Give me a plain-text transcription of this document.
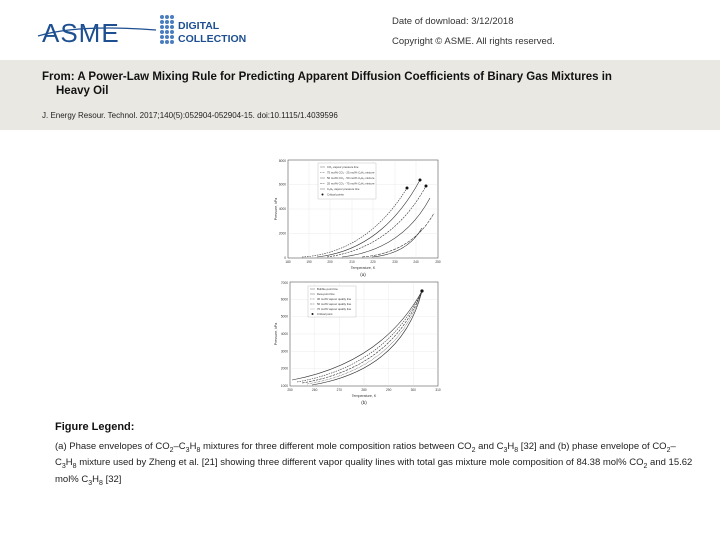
ASME	DIGITAL
COLLECTION
Date of download: 3/12/2018
Copyright © ASME. All rights reserved.
From: A Power-Law Mixing Rule for Predicting Apparent Diffusion Coefficients of Binary Gas Mixtures in
Heavy Oil
J. Energy Resour. Technol. 2017;140(5):052904-052904-15. doi:10.1115/1.4039596
CO₂ vapour pressure line
75 mol% CO₂ - 25 mol% C₃H₈ mixture
50 mol% CO₂ - 50 mol% C₃H₈ mixture
25 mol% CO₂ - 75 mol% C₃H₈ mixture
C₃H₈ vapour pressure line
Critical points
0
2000
4000
6000
8000
180	190	200	210	220	230	240	250
Temperature, K
Pressure, kPa
(a)
Bubble-point line
Dew-point line
30 mol% vapour quality line
50 mol% vapour quality line
70 mol% vapour quality line
Critical point
1000
2000
3000
4000
5000
6000
7000
250	260	270	280	290	300	310
Temperature, K
Pressure, kPa
(b)
Figure Legend:
(a) Phase envelopes of $CO_2-C_3H_8$ mixtures for three different mole composition ratios between $CO_2$ and $C_3H_8$ [32] and (b) phase envelope of $CO_2-C_3H_8$ mixture used by Zheng et al. [21] showing three different vapor quality lines with total gas mixture mole composition of 84.38 mol% $CO_2$ and 15.62 mol% $C_3H_8$ [32]
